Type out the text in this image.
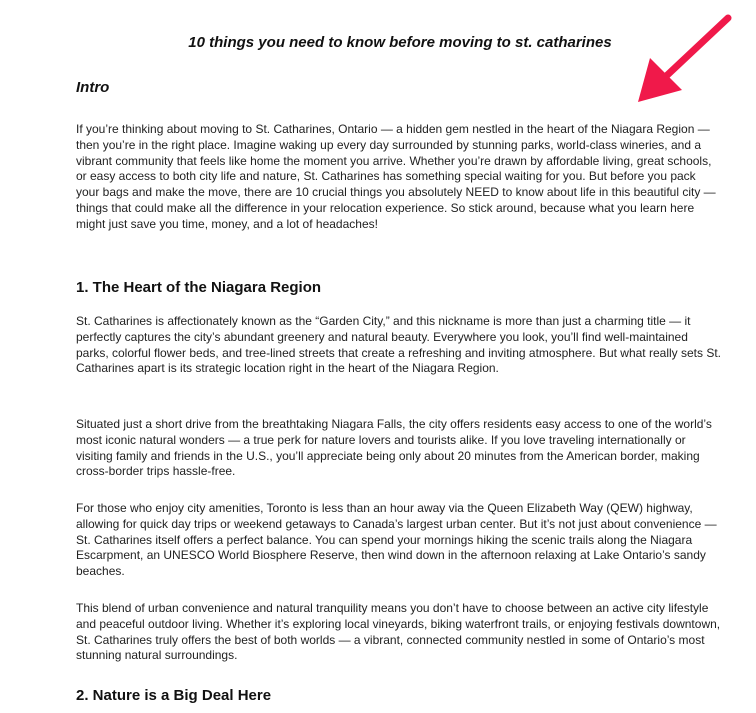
10 things you need to know before moving to st. catharines
Intro

If you’re thinking about moving to St. Catharines, Ontario — a hidden gem nestled in the heart of the Niagara Region — then you’re in the right place. Imagine waking up every day surrounded by stunning parks, world-class wineries, and a vibrant community that feels like home the moment you arrive. Whether you’re drawn by affordable living, great schools, or easy access to both city life and nature, St. Catharines has something special waiting for you. But before you pack your bags and make the move, there are 10 crucial things you absolutely NEED to know about life in this beautiful city — things that could make all the difference in your relocation experience. So stick around, because what you learn here might just save you time, money, and a lot of headaches!

1. The Heart of the Niagara Region

St. Catharines is affectionately known as the “Garden City,” and this nickname is more than just a charming title — it perfectly captures the city’s abundant greenery and natural beauty. Everywhere you look, you’ll find well-maintained parks, colorful flower beds, and tree-lined streets that create a refreshing and inviting atmosphere. But what really sets St. Catharines apart is its strategic location right in the heart of the Niagara Region.

Situated just a short drive from the breathtaking Niagara Falls, the city offers residents easy access to one of the world’s most iconic natural wonders — a true perk for nature lovers and tourists alike. If you love traveling internationally or visiting family and friends in the U.S., you’ll appreciate being only about 20 minutes from the American border, making cross-border trips hassle-free.

For those who enjoy city amenities, Toronto is less than an hour away via the Queen Elizabeth Way (QEW) highway, allowing for quick day trips or weekend getaways to Canada’s largest urban center. But it’s not just about convenience — St. Catharines itself offers a perfect balance. You can spend your mornings hiking the scenic trails along the Niagara Escarpment, an UNESCO World Biosphere Reserve, then wind down in the afternoon relaxing at Lake Ontario’s sandy beaches.

This blend of urban convenience and natural tranquility means you don’t have to choose between an active city lifestyle and peaceful outdoor living. Whether it’s exploring local vineyards, biking waterfront trails, or enjoying festivals downtown, St. Catharines truly offers the best of both worlds — a vibrant, connected community nestled in some of Ontario’s most stunning natural surroundings.

2. Nature is a Big Deal Here
